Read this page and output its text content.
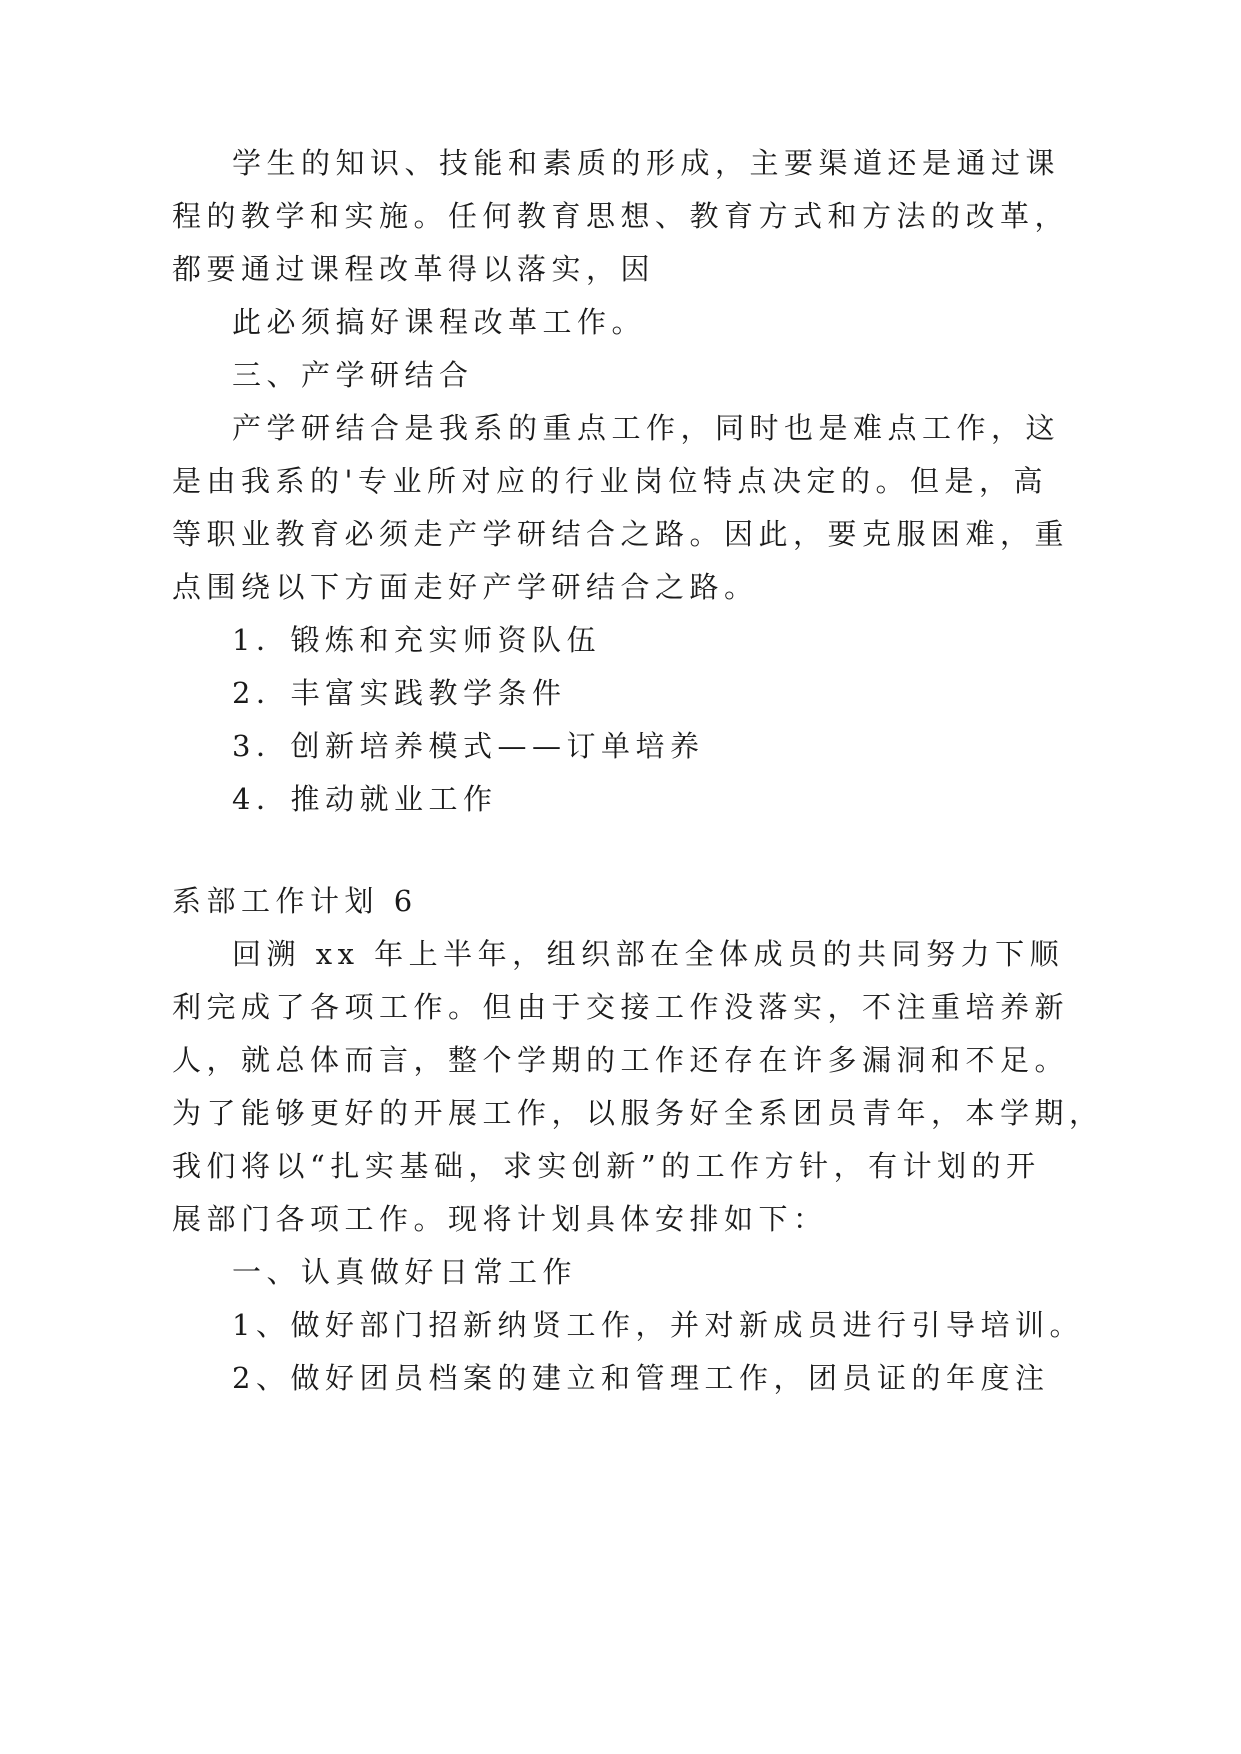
学生的知识、技能和素质的形成，主要渠道还是通过课
程的教学和实施。任何教育思想、教育方式和方法的改革，
都要通过课程改革得以落实，因
此必须搞好课程改革工作。
三、产学研结合
产学研结合是我系的重点工作，同时也是难点工作，这
是由我系的'专业所对应的行业岗位特点决定的。但是，高
等职业教育必须走产学研结合之路。因此，要克服困难，重
点围绕以下方面走好产学研结合之路。
1．锻炼和充实师资队伍
2．丰富实践教学条件
3．创新培养模式——订单培养
4．推动就业工作
系部工作计划 6
回溯 xx 年上半年，组织部在全体成员的共同努力下顺
利完成了各项工作。但由于交接工作没落实，不注重培养新
人，就总体而言，整个学期的工作还存在许多漏洞和不足。
为了能够更好的开展工作，以服务好全系团员青年，本学期，
我们将以“扎实基础，求实创新”的工作方针，有计划的开
展部门各项工作。现将计划具体安排如下：
一、认真做好日常工作
1、做好部门招新纳贤工作，并对新成员进行引导培训。
2、做好团员档案的建立和管理工作，团员证的年度注
